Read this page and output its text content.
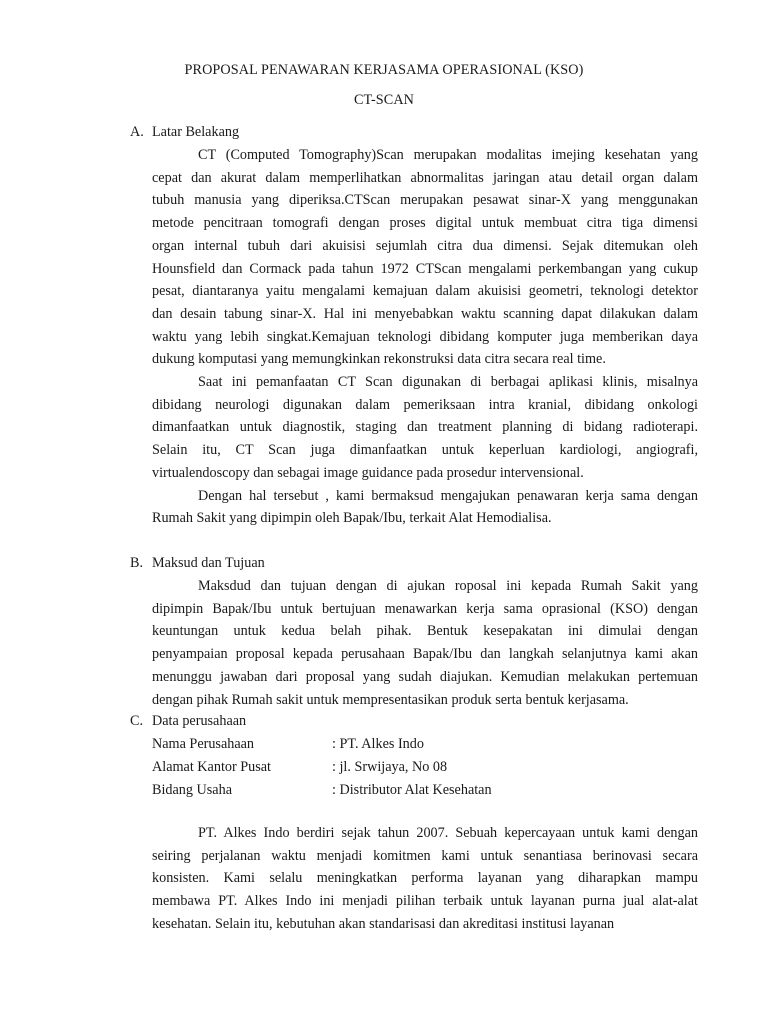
PROPOSAL PENAWARAN KERJASAMA OPERASIONAL (KSO)
CT-SCAN
A. Latar Belakang
CT (Computed Tomography)Scan merupakan modalitas imejing kesehatan yang
cepat dan akurat dalam memperlihatkan abnormalitas jaringan atau detail organ dalam
tubuh manusia yang diperiksa.CTScan merupakan pesawat sinar-X yang menggunakan
metode pencitraan tomografi dengan proses digital untuk membuat citra tiga dimensi
organ internal tubuh dari akuisisi sejumlah citra dua dimensi. Sejak ditemukan oleh
Hounsfield dan Cormack pada tahun 1972 CTScan mengalami perkembangan yang cukup
pesat, diantaranya yaitu mengalami kemajuan dalam akuisisi geometri, teknologi detektor
dan desain tabung sinar-X. Hal ini menyebabkan waktu scanning dapat dilakukan dalam
waktu yang lebih singkat.Kemajuan teknologi dibidang komputer juga memberikan daya
dukung komputasi yang memungkinkan rekonstruksi data citra secara real time.
Saat ini pemanfaatan CT Scan digunakan di berbagai aplikasi klinis, misalnya
dibidang neurologi digunakan dalam pemeriksaan intra kranial, dibidang onkologi
dimanfaatkan untuk diagnostik, staging dan treatment planning di bidang radioterapi.
Selain itu, CT Scan juga dimanfaatkan untuk keperluan kardiologi, angiografi,
virtualendoscopy dan sebagai image guidance pada prosedur intervensional.
Dengan hal tersebut , kami bermaksud mengajukan penawaran kerja sama dengan
Rumah Sakit yang dipimpin oleh Bapak/Ibu, terkait Alat Hemodialisa.
B. Maksud dan Tujuan
Maksdud dan tujuan dengan di ajukan roposal ini kepada Rumah Sakit yang
dipimpin Bapak/Ibu untuk bertujuan menawarkan kerja sama oprasional (KSO) dengan
keuntungan untuk kedua belah pihak. Bentuk kesepakatan ini dimulai dengan
penyampaian proposal kepada perusahaan Bapak/Ibu dan langkah selanjutnya kami akan
menunggu jawaban dari proposal yang sudah diajukan. Kemudian melakukan pertemuan
dengan pihak Rumah sakit untuk mempresentasikan produk serta bentuk kerjasama.
C. Data perusahaan
Nama Perusahaan	: PT. Alkes Indo
Alamat Kantor Pusat	: jl. Srwijaya, No 08
Bidang Usaha	: Distributor Alat Kesehatan
PT. Alkes Indo berdiri sejak tahun 2007. Sebuah kepercayaan untuk kami dengan
seiring perjalanan waktu menjadi komitmen kami untuk senantiasa berinovasi secara
konsisten. Kami selalu meningkatkan performa layanan yang diharapkan mampu
membawa PT. Alkes Indo ini menjadi pilihan terbaik untuk layanan purna jual alat-alat
kesehatan. Selain itu, kebutuhan akan standarisasi dan akreditasi institusi layanan
